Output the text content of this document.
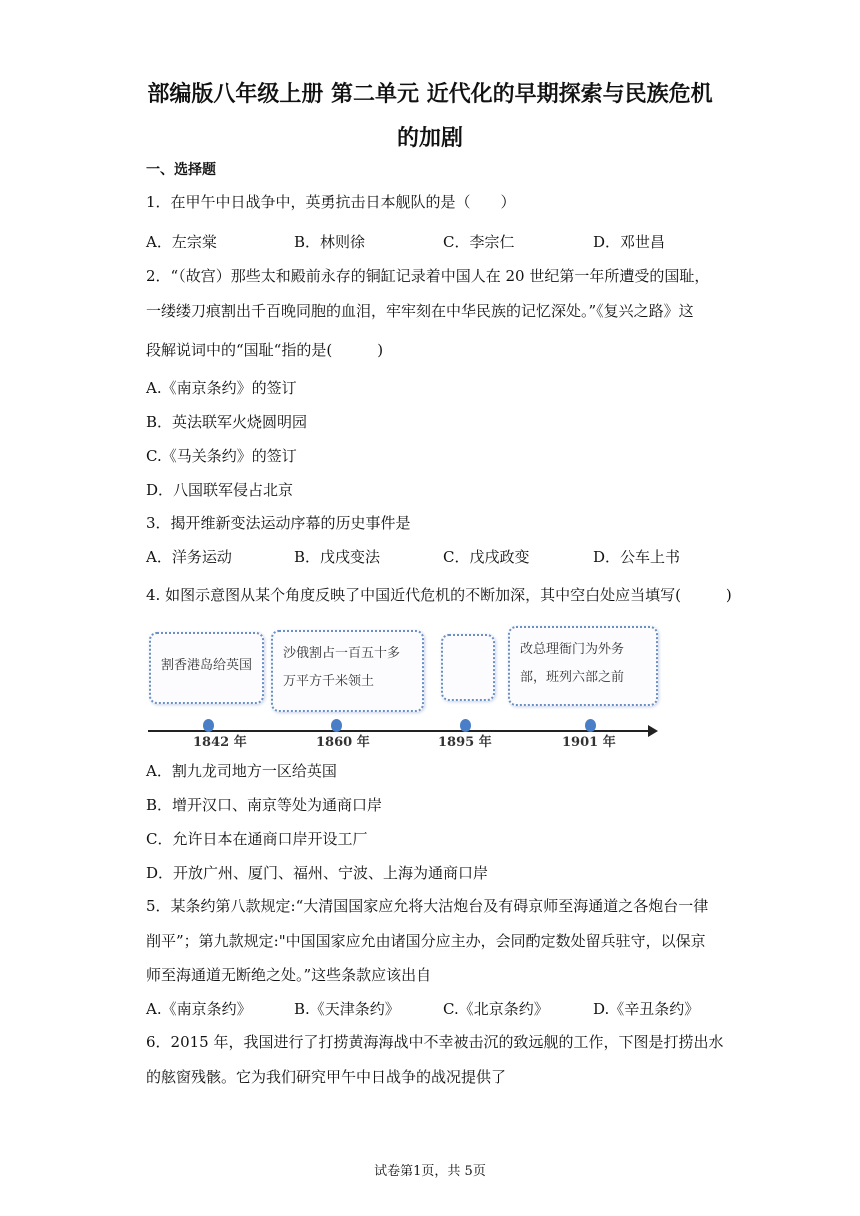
部编版八年级上册 第二单元 近代化的早期探索与民族危机
的加剧
一、选择题
1．在甲午中日战争中，英勇抗击日本舰队的是（　　）
A．左宗棠	B．林则徐	C．李宗仁	D．邓世昌
2．“（故宫）那些太和殿前永存的铜缸记录着中国人在 20 世纪第一年所遭受的国耻，
一缕缕刀痕割出千百晚同胞的血泪，牢牢刻在中华民族的记忆深处。”《复兴之路》这
段解说词中的“国耻“指的是(　　　)
A.《南京条约》的签订
B．英法联军火烧圆明园
C.《马关条约》的签订
D．八国联军侵占北京
3．揭开维新变法运动序幕的历史事件是
A．洋务运动	B．戊戌变法	C．戊戌政变	D．公车上书
4. 如图示意图从某个角度反映了中国近代危机的不断加深，其中空白处应当填写(　　　)
割香港岛给英国
沙俄割占一百五十多万平方千米领土
改总理衙门为外务部，班列六部之前
1842 年	1860 年	1895 年	1901 年
A．割九龙司地方一区给英国
B．增开汉口、南京等处为通商口岸
C．允许日本在通商口岸开设工厂
D．开放广州、厦门、福州、宁波、上海为通商口岸
5．某条约第八款规定:“大清国国家应允将大沽炮台及有碍京师至海通道之各炮台一律
削平”；第九款规定:"中国国家应允由诸国分应主办，会同酌定数处留兵驻守，以保京
师至海通道无断绝之处。”这些条款应该出自
A.《南京条约》	B.《天津条约》	C.《北京条约》	D.《辛丑条约》
6．2015 年，我国进行了打捞黄海海战中不幸被击沉的致远舰的工作，下图是打捞出水
的舷窗残骸。它为我们研究甲午中日战争的战况提供了
试卷第1页，共 5页
